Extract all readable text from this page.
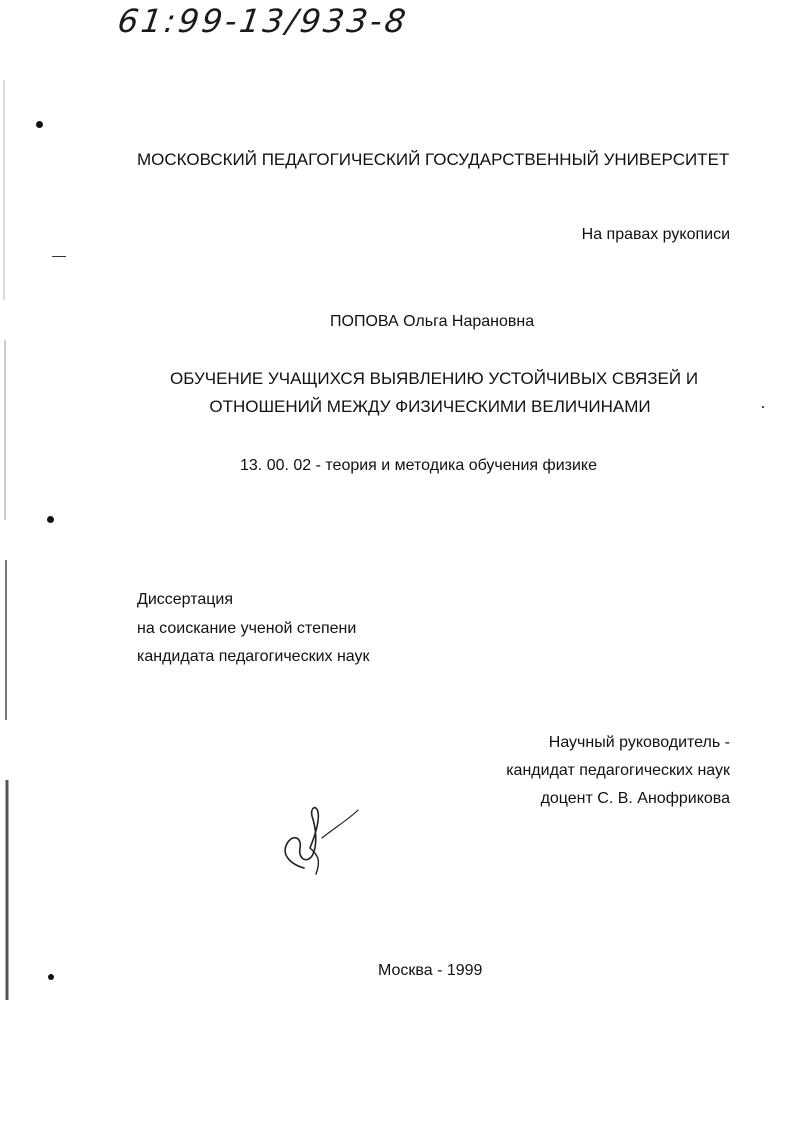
61:99-13/933-8
МОСКОВСКИЙ ПЕДАГОГИЧЕСКИЙ ГОСУДАРСТВЕННЫЙ УНИВЕРСИТЕТ
На правах рукописи
ПОПОВА Ольга Нарановна
ОБУЧЕНИЕ УЧАЩИХСЯ ВЫЯВЛЕНИЮ УСТОЙЧИВЫХ СВЯЗЕЙ И
ОТНОШЕНИЙ МЕЖДУ ФИЗИЧЕСКИМИ ВЕЛИЧИНАМИ
13. 00. 02 - теория и методика обучения физике
Диссертация
на соискание ученой степени
кандидата педагогических наук
Научный руководитель -
кандидат педагогических наук
доцент С. В. Анофрикова
Москва - 1999
